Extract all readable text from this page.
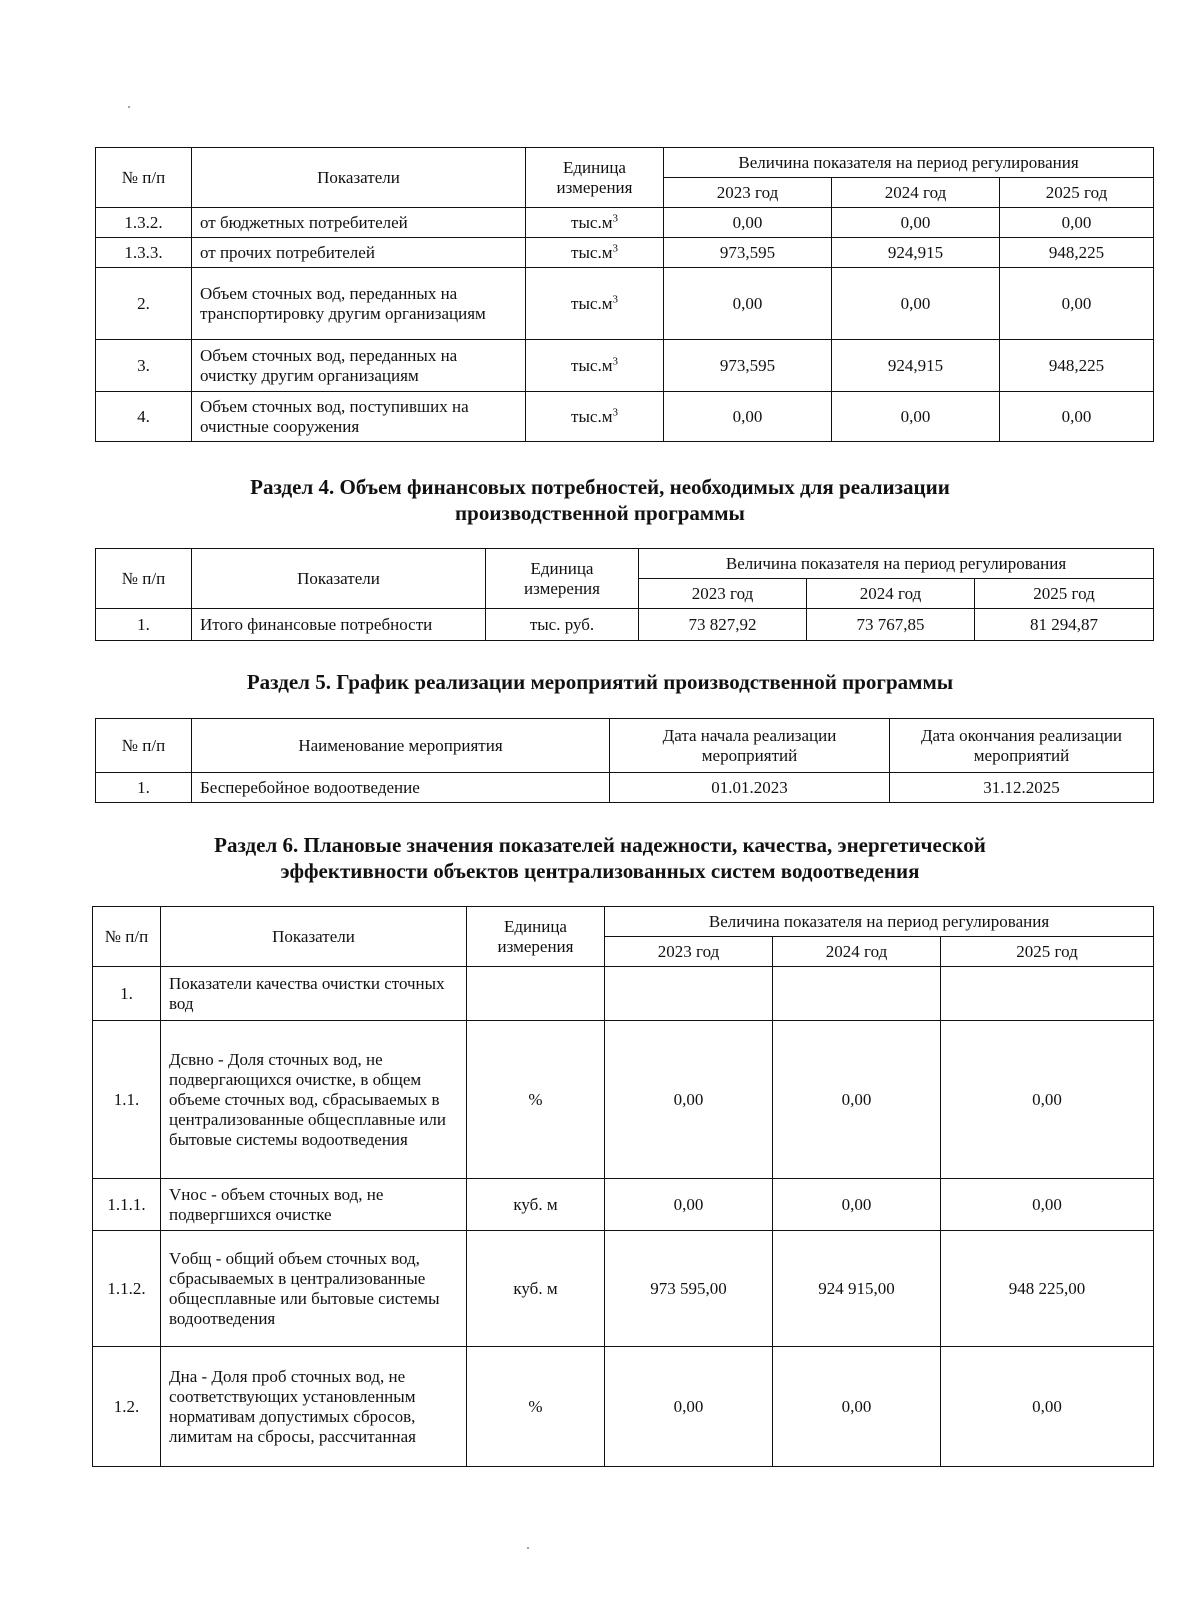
№ п/п	Показатели	Единица измерения	Величина показателя на период регулирования		
			2023 год	2024 год	2025 год
1.3.2.	от бюджетных потребителей	$тыс.м^3$	0,00	0,00	0,00
1.3.3.	от прочих потребителей	$тыс.м^3$	973,595	924,915	948,225
2.	Объем сточных вод, переданных на транспортировку другим организациям	$тыс.м^3$	0,00	0,00	0,00
3.	Объем сточных вод, переданных на очистку другим организациям	$тыс.м^3$	973,595	924,915	948,225
4.	Объем сточных вод, поступивших на очистные сооружения	$тыс.м^3$	0,00	0,00	0,00
Раздел 4. Объем финансовых потребностей, необходимых для реализации
производственной программы
№ п/п	Показатели	Единица измерения	Величина показателя на период регулирования		
			2023 год	2024 год	2025 год
1.	Итого финансовые потребности	тыс. руб.	73 827,92	73 767,85	81 294,87
Раздел 5. График реализации мероприятий производственной программы
№ п/п	Наименование мероприятия	Дата начала реализации мероприятий	Дата окончания реализации мероприятий
1.	Бесперебойное водоотведение	01.01.2023	31.12.2025
Раздел 6. Плановые значения показателей надежности, качества, энергетической
эффективности объектов централизованных систем водоотведения
№ п/п	Показатели	Единица измерения	Величина показателя на период регулирования		
			2023 год	2024 год	2025 год
1.	Показатели качества очистки сточных вод				
1.1.	Дсвно - Доля сточных вод, не подвергающихся очистке, в общем объеме сточных вод, сбрасываемых в централизованные общесплавные или бытовые системы водоотведения	%	0,00	0,00	0,00
1.1.1.	Vнос - объем сточных вод, не подвергшихся очистке	куб. м	0,00	0,00	0,00
1.1.2.	Vобщ - общий объем сточных вод, сбрасываемых в централизованные общесплавные или бытовые системы водоотведения	куб. м	973 595,00	924 915,00	948 225,00
1.2.	Дна - Доля проб сточных вод, не соответствующих установленным нормативам допустимых сбросов, лимитам на сбросы, рассчитанная	%	0,00	0,00	0,00
